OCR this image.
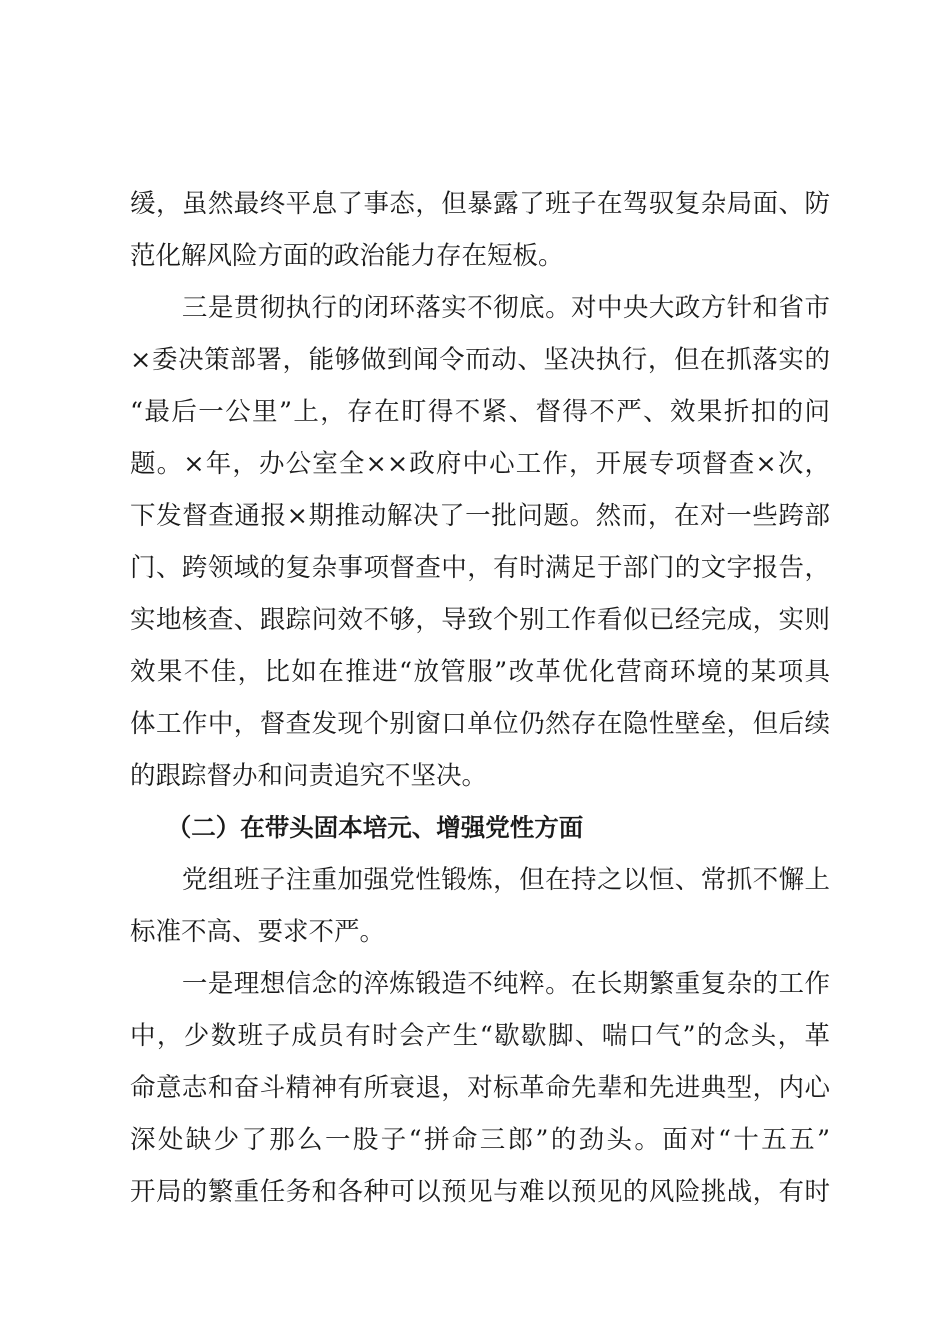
缓，虽然最终平息了事态，但暴露了班子在驾驭复杂局面、防
范化解风险方面的政治能力存在短板。
　　三是贯彻执行的闭环落实不彻底。对中央大政方针和省市
×委决策部署，能够做到闻令而动、坚决执行，但在抓落实的
“最后一公里”上，存在盯得不紧、督得不严、效果折扣的问
题。×年，办公室全××政府中心工作，开展专项督查×次，
下发督查通报×期推动解决了一批问题。然而，在对一些跨部
门、跨领域的复杂事项督查中，有时满足于部门的文字报告，
实地核查、跟踪问效不够，导致个别工作看似已经完成，实则
效果不佳，比如在推进“放管服”改革优化营商环境的某项具
体工作中，督查发现个别窗口单位仍然存在隐性壁垒，但后续
的跟踪督办和问责追究不坚决。
　　（二）在带头固本培元、增强党性方面
　　党组班子注重加强党性锻炼，但在持之以恒、常抓不懈上
标准不高、要求不严。
　　一是理想信念的淬炼锻造不纯粹。在长期繁重复杂的工作
中，少数班子成员有时会产生“歇歇脚、喘口气”的念头，革
命意志和奋斗精神有所衰退，对标革命先辈和先进典型，内心
深处缺少了那么一股子“拼命三郎”的劲头。面对“十五五”
开局的繁重任务和各种可以预见与难以预见的风险挑战，有时
